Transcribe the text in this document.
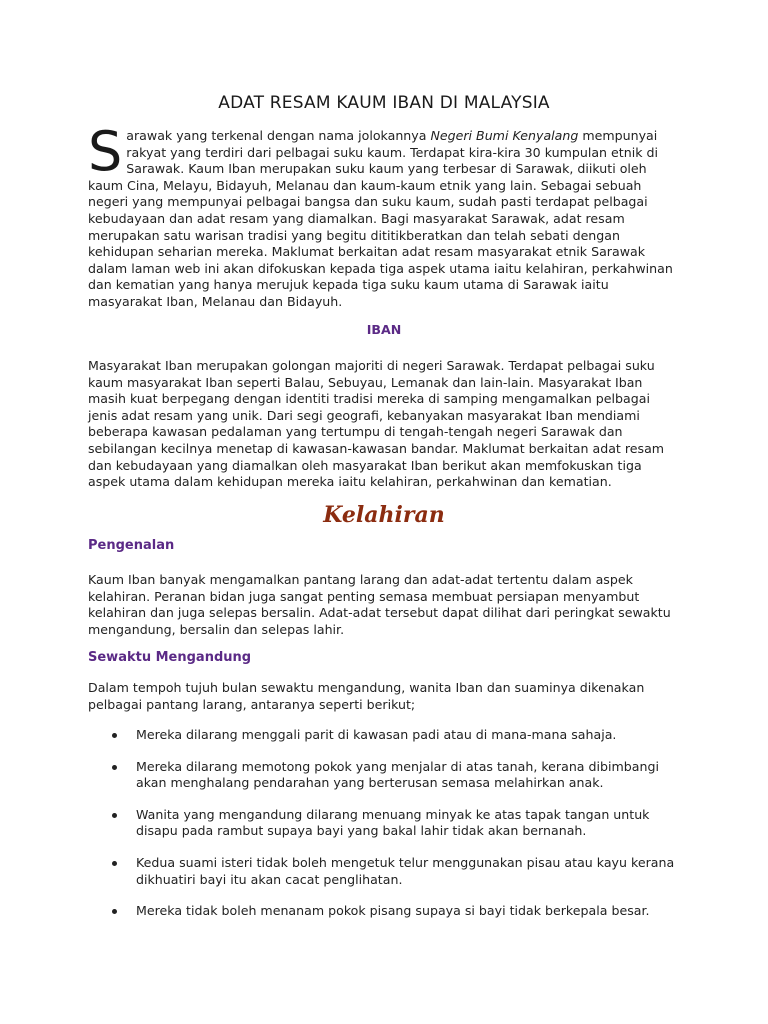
ADAT RESAM KAUM IBAN DI MALAYSIA

Sarawak yang terkenal dengan nama jolokannya Negeri Bumi Kenyalang mempunyai rakyat yang terdiri dari pelbagai suku kaum. Terdapat kira-kira 30 kumpulan etnik di Sarawak. Kaum Iban merupakan suku kaum yang terbesar di Sarawak, diikuti oleh kaum Cina, Melayu, Bidayuh, Melanau dan kaum-kaum etnik yang lain. Sebagai sebuah negeri yang mempunyai pelbagai bangsa dan suku kaum, sudah pasti terdapat pelbagai kebudayaan dan adat resam yang diamalkan. Bagi masyarakat Sarawak, adat resam merupakan satu warisan tradisi yang begitu dititikberatkan dan telah sebati dengan kehidupan seharian mereka. Maklumat berkaitan adat resam masyarakat etnik Sarawak dalam laman web ini akan difokuskan kepada tiga aspek utama iaitu kelahiran, perkahwinan dan kematian yang hanya merujuk kepada tiga suku kaum utama di Sarawak iaitu masyarakat Iban, Melanau dan Bidayuh.

IBAN

Masyarakat Iban merupakan golongan majoriti di negeri Sarawak. Terdapat pelbagai suku kaum masyarakat Iban seperti Balau, Sebuyau, Lemanak dan lain-lain. Masyarakat Iban masih kuat berpegang dengan identiti tradisi mereka di samping mengamalkan pelbagai jenis adat resam yang unik. Dari segi geografi, kebanyakan masyarakat Iban mendiami beberapa kawasan pedalaman yang tertumpu di tengah-tengah negeri Sarawak dan sebilangan kecilnya menetap di kawasan-kawasan bandar. Maklumat berkaitan adat resam dan kebudayaan yang diamalkan oleh masyarakat Iban berikut akan memfokuskan tiga aspek utama dalam kehidupan mereka iaitu kelahiran, perkahwinan dan kematian.

Kelahiran
Pengenalan

Kaum Iban banyak mengamalkan pantang larang dan adat-adat tertentu dalam aspek kelahiran. Peranan bidan juga sangat penting semasa membuat persiapan menyambut kelahiran dan juga selepas bersalin. Adat-adat tersebut dapat dilihat dari peringkat sewaktu mengandung, bersalin dan selepas lahir.

Sewaktu Mengandung

Dalam tempoh tujuh bulan sewaktu mengandung, wanita Iban dan suaminya dikenakan pelbagai pantang larang, antaranya seperti berikut;

Mereka dilarang menggali parit di kawasan padi atau di mana-mana sahaja.
Mereka dilarang memotong pokok yang menjalar di atas tanah, kerana dibimbangi akan menghalang pendarahan yang berterusan semasa melahirkan anak.
Wanita yang mengandung dilarang menuang minyak ke atas tapak tangan untuk disapu pada rambut supaya bayi yang bakal lahir tidak akan bernanah.
Kedua suami isteri tidak boleh mengetuk telur menggunakan pisau atau kayu kerana dikhuatiri bayi itu akan cacat penglihatan.
Mereka tidak boleh menanam pokok pisang supaya si bayi tidak berkepala besar.
